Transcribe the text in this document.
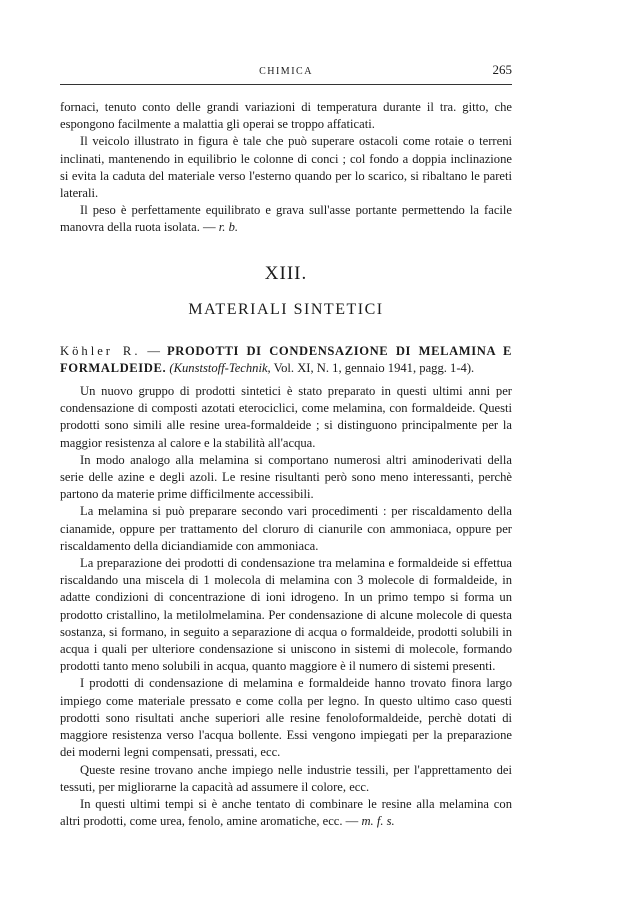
CHIMICA	265

fornaci, tenuto conto delle grandi variazioni di temperatura durante il tra. gitto, che espongono facilmente a malattia gli operai se troppo affaticati.

Il veicolo illustrato in figura è tale che può superare ostacoli come rotaie o terreni inclinati, mantenendo in equilibrio le colonne di conci ; col fondo a doppia inclinazione si evita la caduta del materiale verso l'esterno quando per lo scarico, si ribaltano le pareti laterali.

Il peso è perfettamente equilibrato e grava sull'asse portante permettendo la facile manovra della ruota isolata. — r. b.

XIII.
MATERIALI SINTETICI
Köhler R. — PRODOTTI DI CONDENSAZIONE DI MELAMINA E FORMALDEIDE. (Kunststoff-Technik, Vol. XI, N. 1, gennaio 1941, pagg. 1-4).

Un nuovo gruppo di prodotti sintetici è stato preparato in questi ultimi anni per condensazione di composti azotati eterociclici, come melamina, con formaldeide. Questi prodotti sono simili alle resine urea-formaldeide ; si distinguono principalmente per la maggior resistenza al calore e la stabilità all'acqua.

In modo analogo alla melamina si comportano numerosi altri aminoderivati della serie delle azine e degli azoli. Le resine risultanti però sono meno interessanti, perchè partono da materie prime difficilmente accessibili.

La melamina si può preparare secondo vari procedimenti : per riscaldamento della cianamide, oppure per trattamento del cloruro di cianurile con ammoniaca, oppure per riscaldamento della diciandiamide con ammoniaca.

La preparazione dei prodotti di condensazione tra melamina e formaldeide si effettua riscaldando una miscela di 1 molecola di melamina con 3 molecole di formaldeide, in adatte condizioni di concentrazione di ioni idrogeno. In un primo tempo si forma un prodotto cristallino, la metilolmelamina. Per condensazione di alcune molecole di questa sostanza, si formano, in seguito a separazione di acqua o formaldeide, prodotti solubili in acqua i quali per ulteriore condensazione si uniscono in sistemi di molecole, formando prodotti tanto meno solubili in acqua, quanto maggiore è il numero di sistemi presenti.

I prodotti di condensazione di melamina e formaldeide hanno trovato finora largo impiego come materiale pressato e come colla per legno. In questo ultimo caso questi prodotti sono risultati anche superiori alle resine fenoloformaldeide, perchè dotati di maggiore resistenza verso l'acqua bollente. Essi vengono impiegati per la preparazione dei moderni legni compensati, pressati, ecc.

Queste resine trovano anche impiego nelle industrie tessili, per l'apprettamento dei tessuti, per migliorarne la capacità ad assumere il colore, ecc.

In questi ultimi tempi si è anche tentato di combinare le resine alla melamina con altri prodotti, come urea, fenolo, amine aromatiche, ecc. — m. f. s.
